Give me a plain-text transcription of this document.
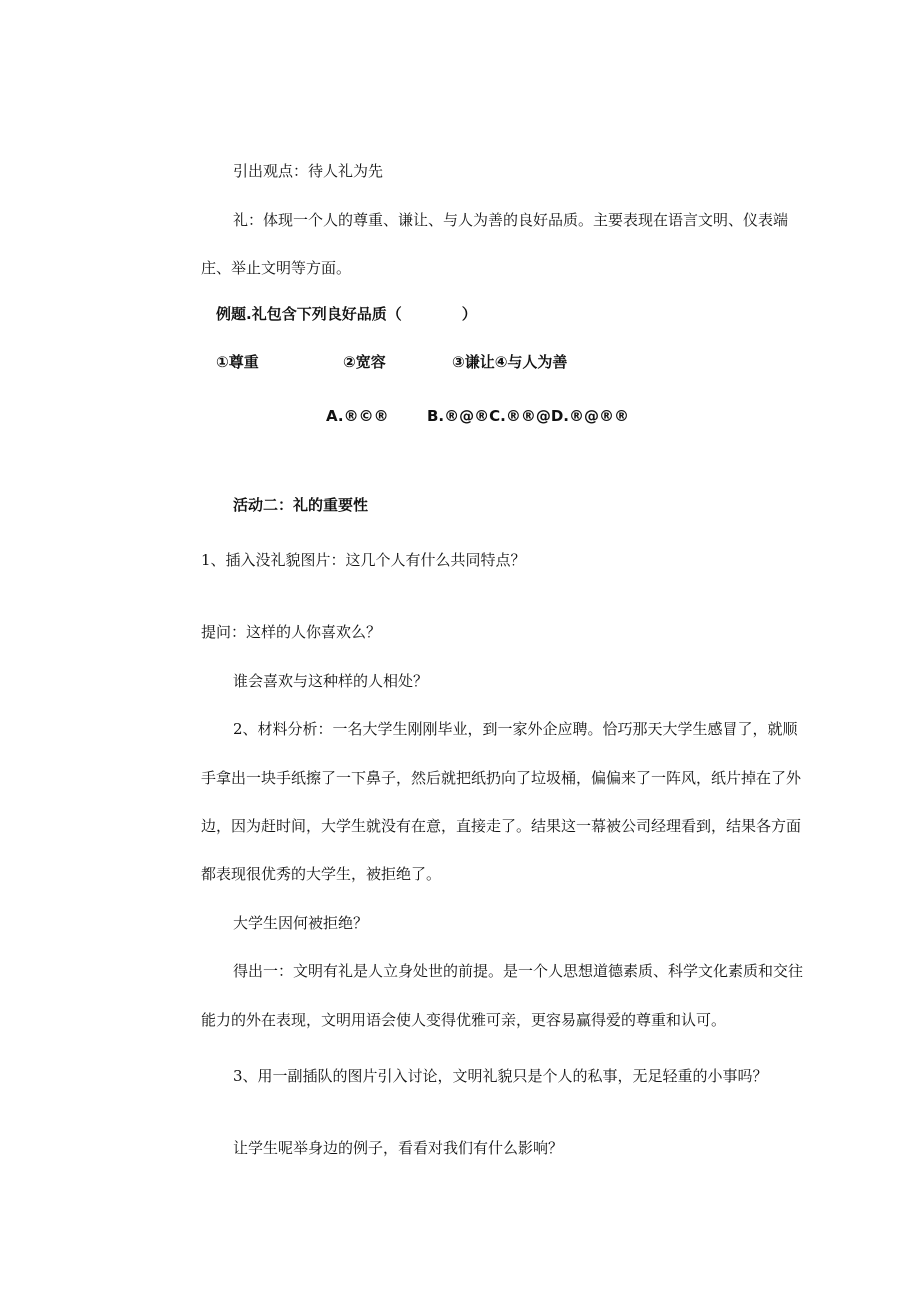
引出观点：待人礼为先
礼：体现一个人的尊重、谦让、与人为善的良好品质。主要表现在语言文明、仪表端
庄、举止文明等方面。
例题.礼包含下列良好品质（　　　　）
①尊重	②宽容	③谦让④与人为善
A.®©®	B.®@®C.®®@D.®@®®
活动二：礼的重要性
1、插入没礼貌图片：这几个人有什么共同特点？
提问：这样的人你喜欢么？
谁会喜欢与这种样的人相处？
2、材料分析：一名大学生刚刚毕业，到一家外企应聘。恰巧那天大学生感冒了，就顺
手拿出一块手纸擦了一下鼻子，然后就把纸扔向了垃圾桶，偏偏来了一阵风，纸片掉在了外
边，因为赶时间，大学生就没有在意，直接走了。结果这一幕被公司经理看到，结果各方面
都表现很优秀的大学生，被拒绝了。
大学生因何被拒绝？
得出一：文明有礼是人立身处世的前提。是一个人思想道德素质、科学文化素质和交往
能力的外在表现，文明用语会使人变得优雅可亲，更容易赢得爱的尊重和认可。
3、用一副插队的图片引入讨论，文明礼貌只是个人的私事，无足轻重的小事吗？
让学生呢举身边的例子，看看对我们有什么影响？
